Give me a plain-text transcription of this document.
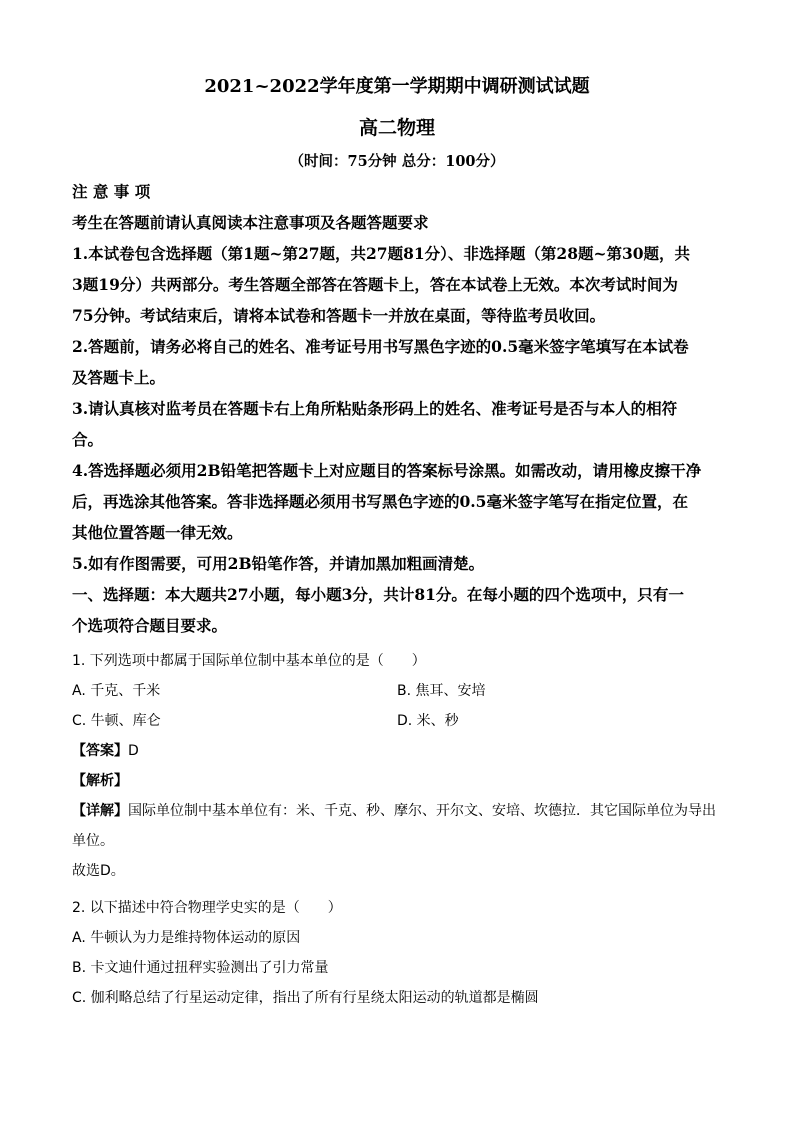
2021~2022学年度第一学期期中调研测试试题
高二物理
（时间：75分钟 总分：100分）
注 意 事 项
考生在答题前请认真阅读本注意事项及各题答题要求
1.本试卷包含选择题（第1题~第27题，共27题81分）、非选择题（第28题~第30题，共
3题19分）共两部分。考生答题全部答在答题卡上，答在本试卷上无效。本次考试时间为
75分钟。考试结束后，请将本试卷和答题卡一并放在桌面，等待监考员收回。
2.答题前，请务必将自己的姓名、准考证号用书写黑色字迹的0.5毫米签字笔填写在本试卷
及答题卡上。
3.请认真核对监考员在答题卡右上角所粘贴条形码上的姓名、准考证号是否与本人的相符
合。
4.答选择题必须用2B铅笔把答题卡上对应题目的答案标号涂黑。如需改动，请用橡皮擦干净
后，再选涂其他答案。答非选择题必须用书写黑色字迹的0.5毫米签字笔写在指定位置，在
其他位置答题一律无效。
5.如有作图需要，可用2B铅笔作答，并请加黑加粗画清楚。
一、选择题：本大题共27小题，每小题3分，共计81分。在每小题的四个选项中，只有一
个选项符合题目要求。
1. 下列选项中都属于国际单位制中基本单位的是（　　）
A. 千克、千米	B. 焦耳、安培
C. 牛顿、库仑	D. 米、秒
【答案】D
【解析】
【详解】国际单位制中基本单位有：米、千克、秒、摩尔、开尔文、安培、坎德拉．其它国际单位为导出
单位。
故选D。
2. 以下描述中符合物理学史实的是（　　）
A. 牛顿认为力是维持物体运动的原因
B. 卡文迪什通过扭秤实验测出了引力常量
C. 伽利略总结了行星运动定律，指出了所有行星绕太阳运动的轨道都是椭圆
